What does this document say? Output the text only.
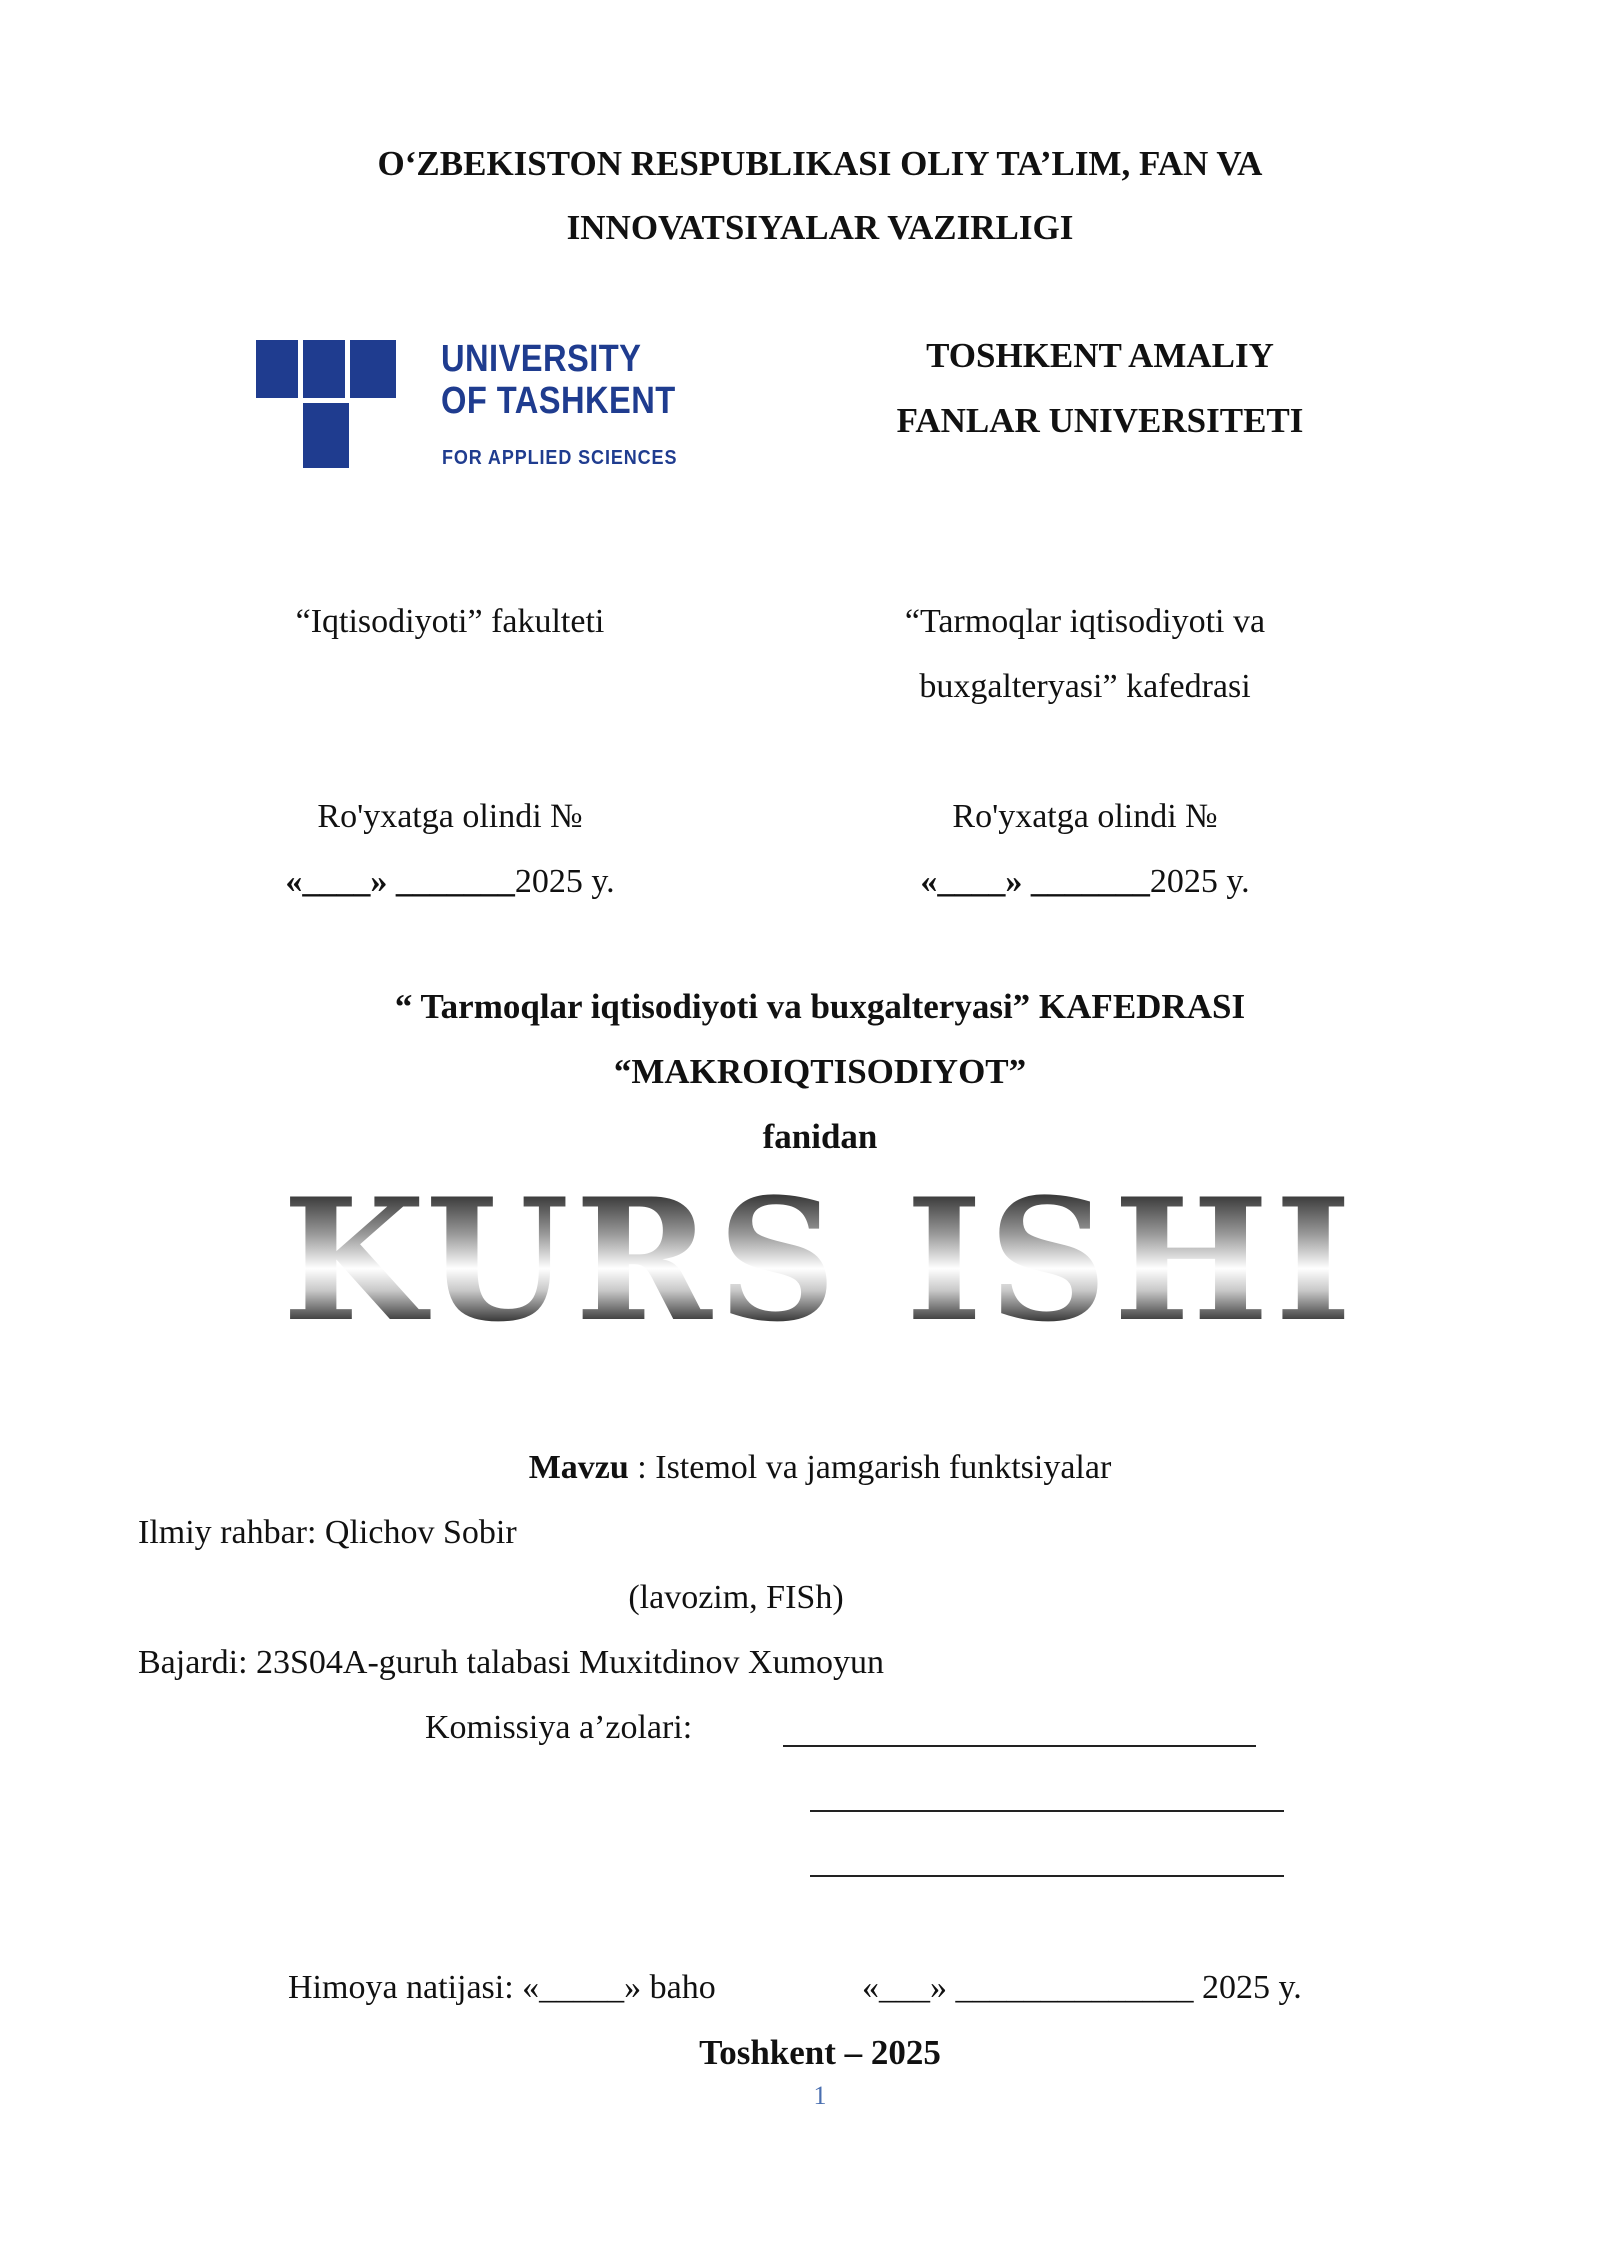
O‘ZBEKISTON RESPUBLIKASI OLIY TA’LIM, FAN VA
INNOVATSIYALAR VAZIRLIGI
UNIVERSITY
OF TASHKENT
FOR APPLIED SCIENCES
TOSHKENT AMALIY
FANLAR UNIVERSITETI
“Iqtisodiyoti” fakulteti	“Tarmoqlar iqtisodiyoti va
buxgalteryasi” kafedrasi
Ro'yxatga olindi №
«____» _______2025 y.
Ro'yxatga olindi №
«____» _______2025 y.
“ Tarmoqlar iqtisodiyoti va buxgalteryasi” KAFEDRASI
“MAKROIQTISODIYOT”
fanidan
KURS ISHI
Mavzu : Istemol va jamgarish funktsiyalar
Ilmiy rahbar: Qlichov Sobir
(lavozim, FISh)
Bajardi: 23S04A-guruh talabasi Muxitdinov Xumoyun
Komissiya a’zolari:
Himoya natijasi: «_____» baho	«___» ______________ 2025 y.
Toshkent – 2025
1
